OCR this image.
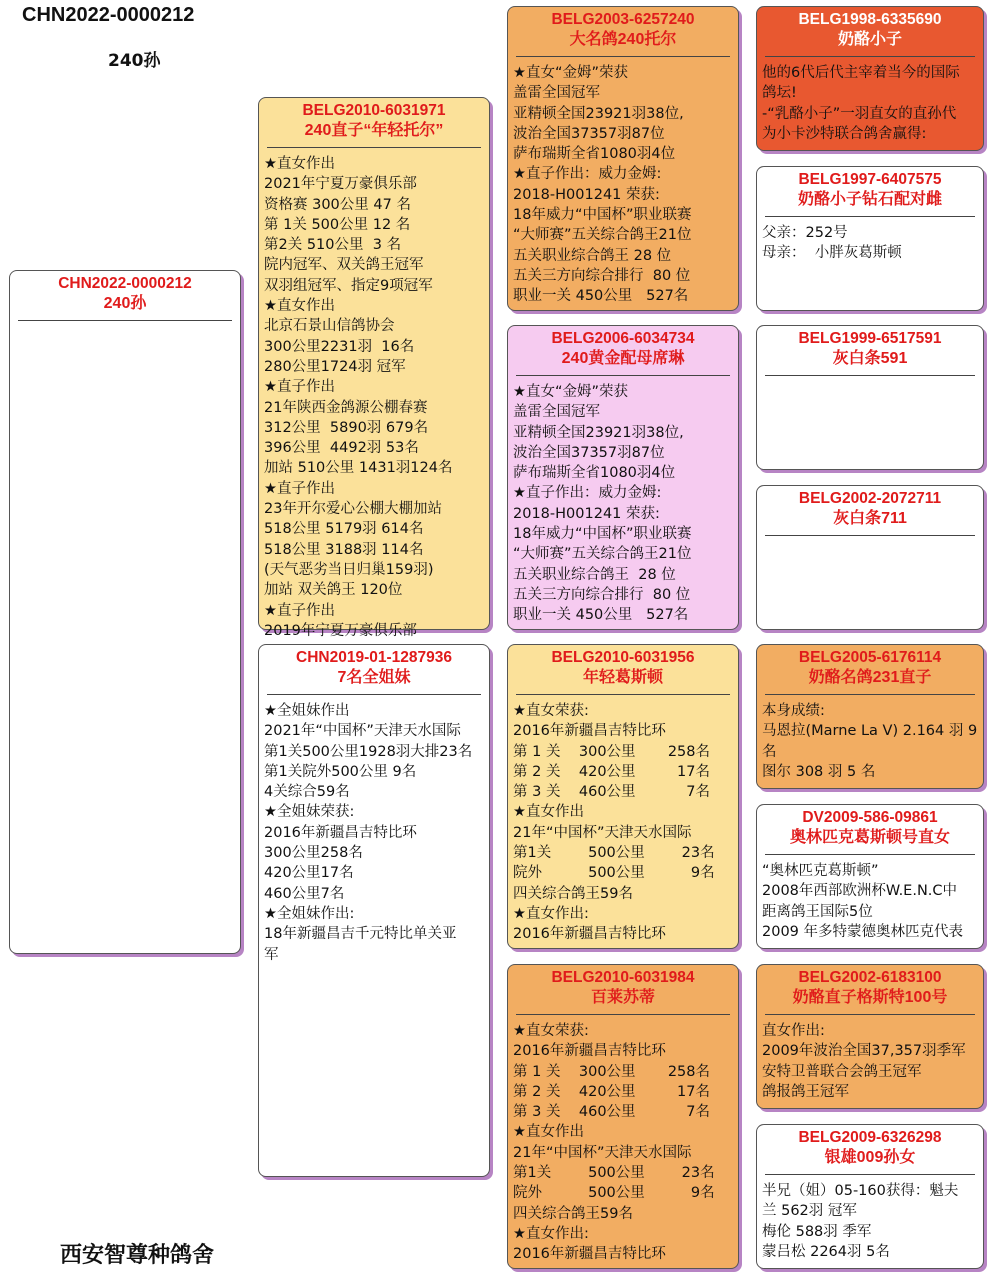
CHN2022-0000212
240孙
CHN2022-0000212
240孙
BELG2010-6031971
240直子“年轻托尔”
★直女作出
2021年宁夏万豪俱乐部
资格赛 300公里 47 名
第 1关 500公里 12 名
第2关 510公里  3 名
院内冠军、双关鸽王冠军
双羽组冠军、指定9项冠军
★直女作出
北京石景山信鸽协会
300公里2231羽  16名
280公里1724羽 冠军
★直子作出
21年陕西金鸽源公棚春赛
312公里  5890羽 679名
396公里  4492羽 53名
加站 510公里 1431羽124名
★直子作出
23年开尔爱心公棚大棚加站
518公里 5179羽 614名
518公里 3188羽 114名
(天气恶劣当日归巢159羽)
加站 双关鸽王 120位
★直子作出
2019年宁夏万豪俱乐部
CHN2019-01-1287936
7名全姐妹
★全姐妹作出
2021年“中国杯”天津天水国际
第1关500公里1928羽大排23名
第1关院外500公里 9名
4关综合59名
★全姐妹荣获:
2016年新疆昌吉特比环
300公里258名
420公里17名
460公里7名
★全姐妹作出:
18年新疆昌吉千元特比单关亚
军
BELG2003-6257240
大名鸽240托尔
★直女“金姆”荣获
盖雷全国冠军
亚精顿全国23921羽38位,
波治全国37357羽87位
萨布瑞斯全省1080羽4位
★直子作出：威力金姆:
2018-H001241 荣获:
18年威力“中国杯”职业联赛
“大师赛”五关综合鸽王21位
五关职业综合鸽王 28 位
五关三方向综合排行  80 位
职业一关 450公里   527名
BELG2006-6034734
240黄金配母席琳
★直女“金姆”荣获
盖雷全国冠军
亚精顿全国23921羽38位,
波治全国37357羽87位
萨布瑞斯全省1080羽4位
★直子作出：威力金姆:
2018-H001241 荣获:
18年威力“中国杯”职业联赛
“大师赛”五关综合鸽王21位
五关职业综合鸽王  28 位
五关三方向综合排行  80 位
职业一关 450公里   527名
BELG2010-6031956
年轻葛斯顿
★直女荣获:
2016年新疆昌吉特比环
第 1 关    300公里       258名
第 2 关    420公里         17名
第 3 关    460公里           7名
★直女作出
21年“中国杯”天津天水国际
第1关        500公里        23名
院外          500公里          9名
四关综合鸽王59名
★直女作出:
2016年新疆昌吉特比环
BELG2010-6031984
百莱苏蒂
★直女荣获:
2016年新疆昌吉特比环
第 1 关    300公里       258名
第 2 关    420公里         17名
第 3 关    460公里           7名
★直女作出
21年“中国杯”天津天水国际
第1关        500公里        23名
院外          500公里          9名
四关综合鸽王59名
★直女作出:
2016年新疆昌吉特比环
BELG1998-6335690
奶酪小子
他的6代后代主宰着当今的国际
鸽坛!
-“乳酪小子”一羽直女的直孙代
为小卡沙特联合鸽舍赢得:
BELG1997-6407575
奶酪小子钻石配对雌
父亲：252号
母亲：  小胖灰葛斯顿
BELG1999-6517591
灰白条591
BELG2002-2072711
灰白条711
BELG2005-6176114
奶酪名鸽231直子
本身成绩:
马恩拉(Marne La V) 2.164 羽 9
名
图尔 308 羽 5 名
DV2009-586-09861
奥林匹克葛斯顿号直女
“奥林匹克葛斯顿”
2008年西部欧洲杯W.E.N.C中
距离鸽王国际5位
2009 年多特蒙德奥林匹克代表
BELG2002-6183100
奶酪直子格斯特100号
直女作出:
2009年波治全国37,357羽季军
安特卫普联合会鸽王冠军
鸽报鸽王冠军
BELG2009-6326298
银雄009孙女
半兄（姐）05-160获得：魁夫
兰 562羽 冠军
梅伦 588羽 季军
蒙吕松 2264羽 5名
西安智尊种鸽舍
